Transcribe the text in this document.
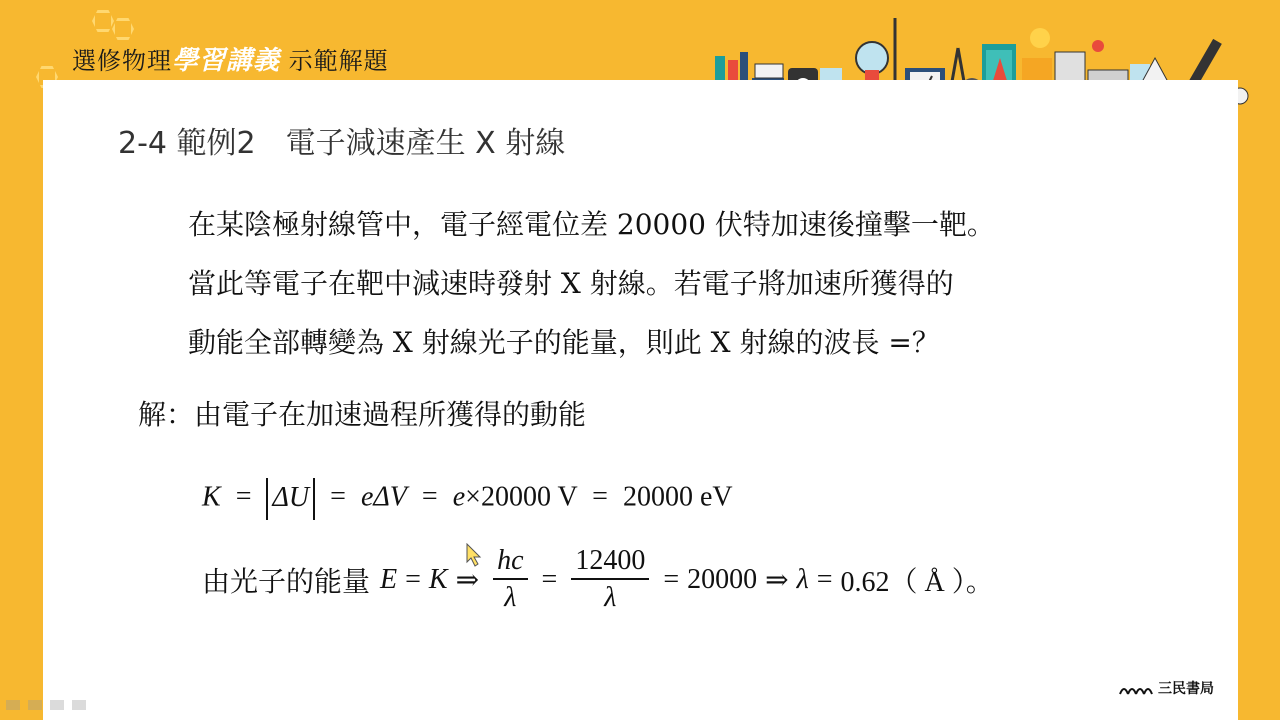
選修物理學習講義 示範解題
2-4 範例2　電子減速產生 X 射線

在某陰極射線管中，電子經電位差 20000 伏特加速後撞擊一靶。

當此等電子在靶中減速時發射 X 射線。若電子將加速所獲得的

動能全部轉變為 X 射線光子的能量，則此 X 射線的波長 =？

解：由電子在加速過程所獲得的動能
K = ΔU = eΔV = e×20000 V = 20000 eV
由光子的能量 E = K ⇒ $\frac{hc}{\lambda} = \frac{12400}{\lambda} = 20000$ ⇒ λ = 0.62（ Å ）。
三民書局
